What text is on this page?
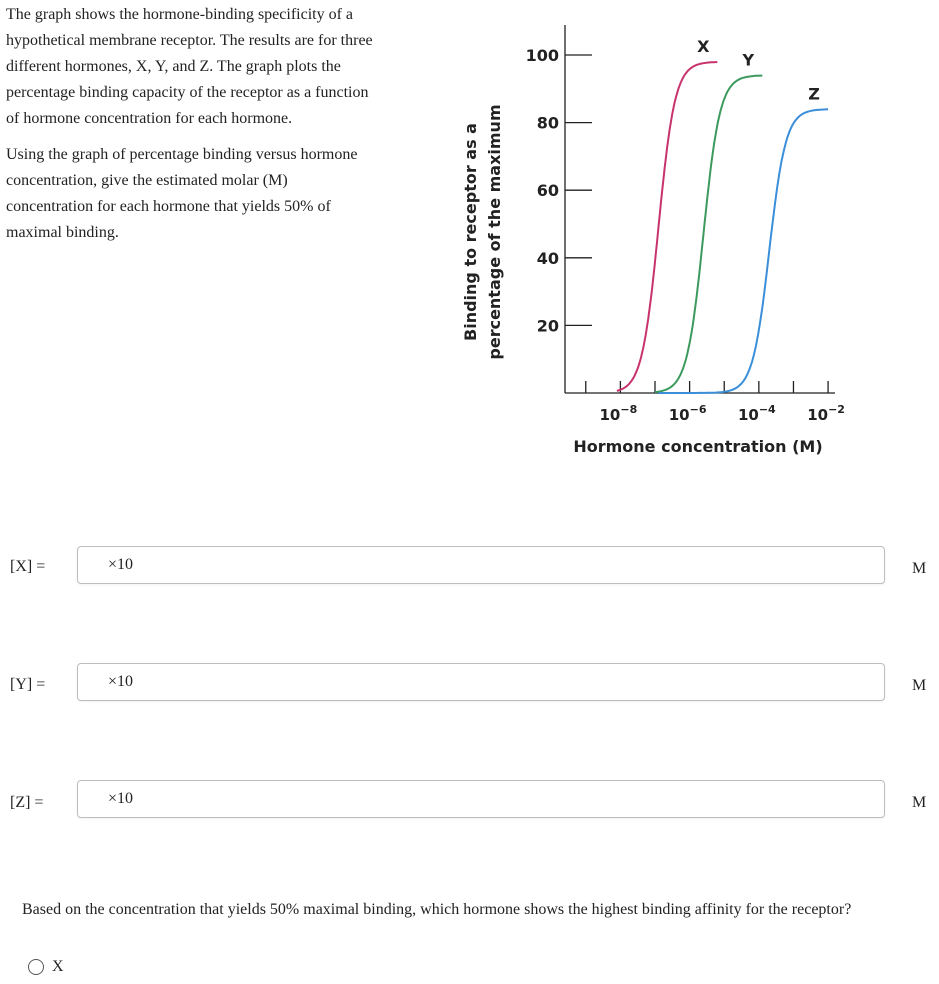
The graph shows the hormone-binding specificity of a hypothetical membrane receptor. The results are for three different hormones, X, Y, and Z. The graph plots the percentage binding capacity of the receptor as a function of hormone concentration for each hormone.

Using the graph of percentage binding versus hormone concentration, give the estimated molar (M) concentration for each hormone that yields 50% of maximal binding.

20
40
60
80
100
$10^{-8}$ $10^{-6}$ $10^{-4}$ $10^{-2}$
Hormone concentration (M)
Binding to receptor as a percentage of the maximum
X
Y
Z
[X] =	×10	M
[Y] =	×10	M
[Z] =	×10	M
Based on the concentration that yields 50% maximal binding, which hormone shows the highest binding affinity for the receptor?
X
